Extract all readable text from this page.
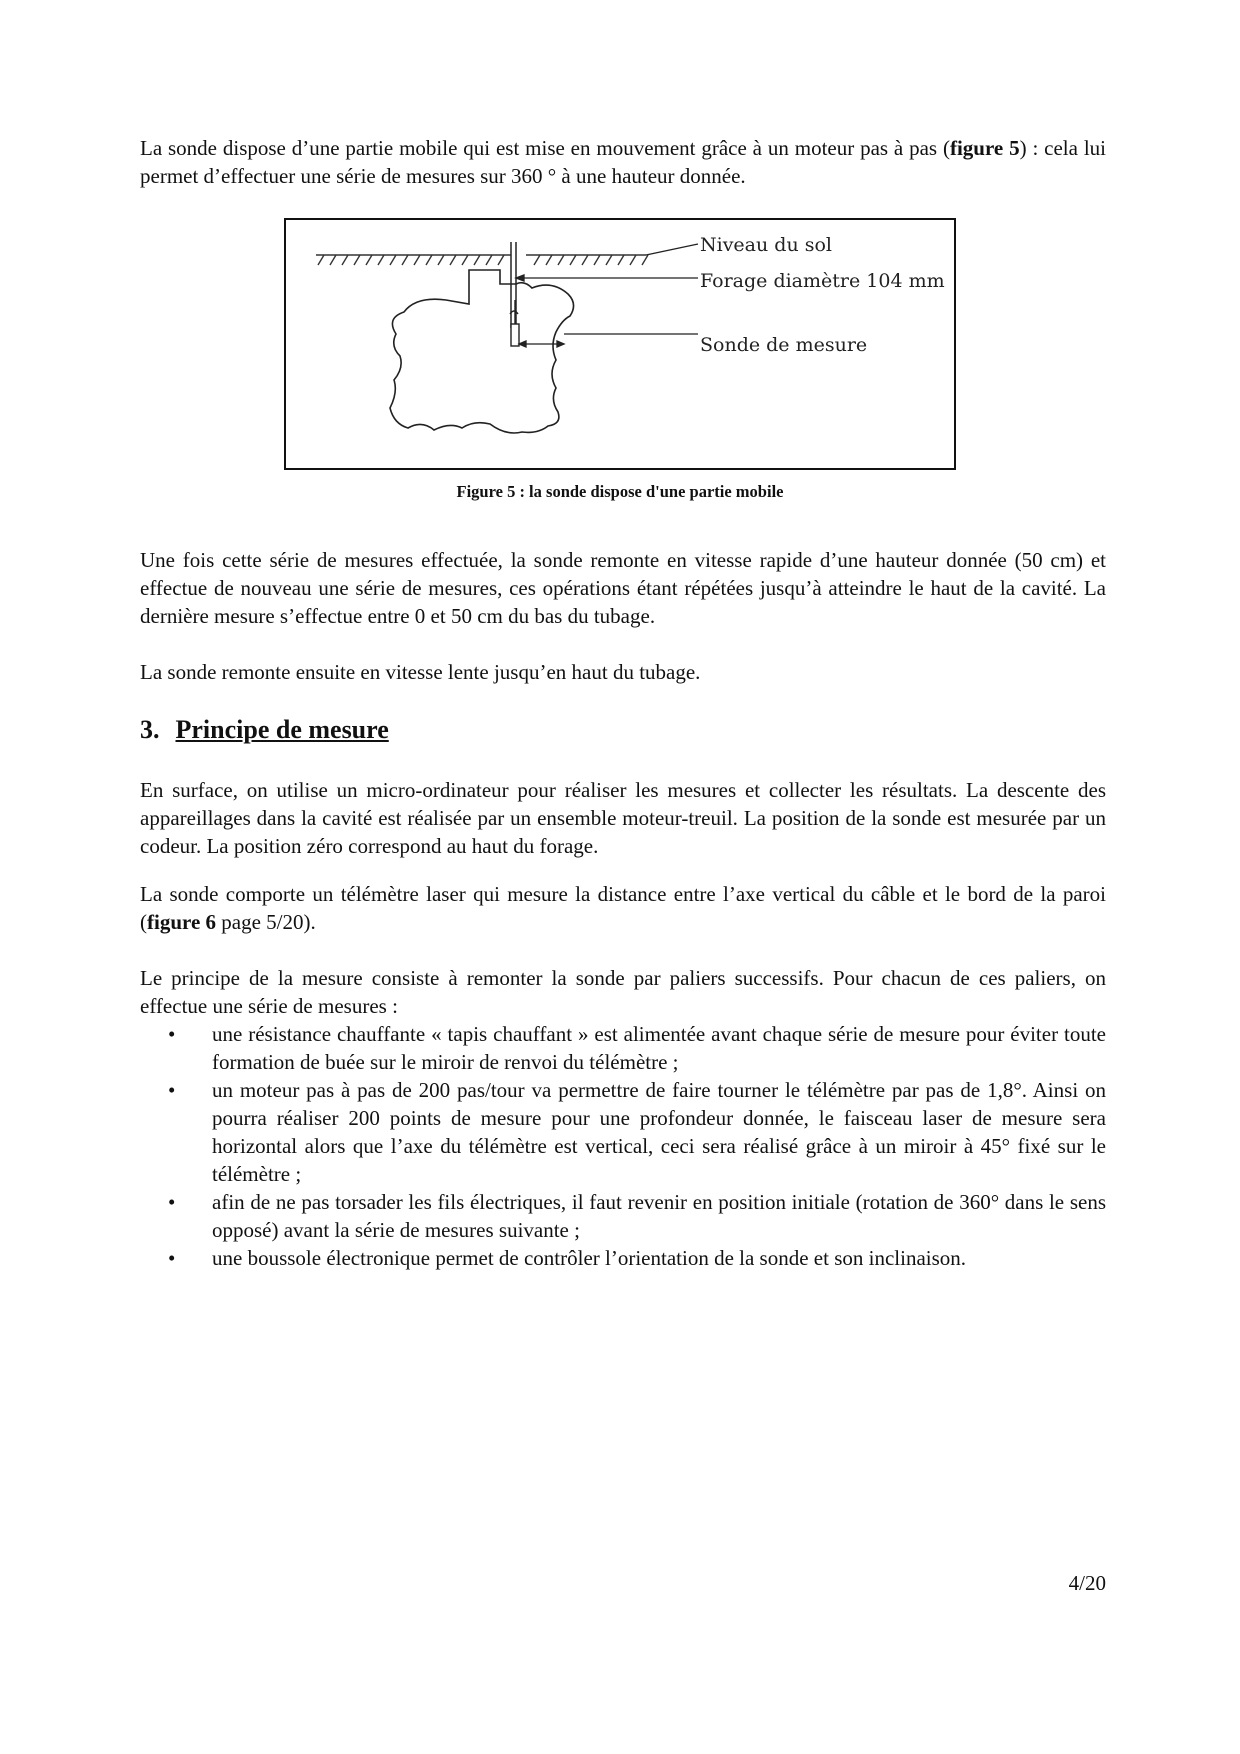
La sonde dispose d’une partie mobile qui est mise en mouvement grâce à un moteur pas à pas (figure 5) : cela lui permet d’effectuer une série de mesures sur 360 ° à une hauteur donnée.

Niveau du sol
Forage diamètre 104 mm
Sonde de mesure
Figure 5 : la sonde dispose d'une partie mobile

Une fois cette série de mesures effectuée, la sonde remonte en vitesse rapide d’une hauteur donnée (50 cm) et effectue de nouveau une série de mesures, ces opérations étant répétées jusqu’à atteindre le haut de la cavité. La dernière mesure s’effectue entre 0 et 50 cm du bas du tubage.

La sonde remonte ensuite en vitesse lente jusqu’en haut du tubage.

3. Principe de mesure

En surface, on utilise un micro-ordinateur pour réaliser les mesures et collecter les résultats. La descente des appareillages dans la cavité est réalisée par un ensemble moteur-treuil. La position de la sonde est mesurée par un codeur. La position zéro correspond au haut du forage.

La sonde comporte un télémètre laser qui mesure la distance entre l’axe vertical du câble et le bord de la paroi (figure 6 page 5/20).

Le principe de la mesure consiste à remonter la sonde par paliers successifs. Pour chacun de ces paliers, on effectue une série de mesures :

• une résistance chauffante « tapis chauffant » est alimentée avant chaque série de mesure pour éviter toute formation de buée sur le miroir de renvoi du télémètre ;
• un moteur pas à pas de 200 pas/tour va permettre de faire tourner le télémètre par pas de 1,8°. Ainsi on pourra réaliser 200 points de mesure pour une profondeur donnée, le faisceau laser de mesure sera horizontal alors que l’axe du télémètre est vertical, ceci sera réalisé grâce à un miroir à 45° fixé sur le télémètre ;
• afin de ne pas torsader les fils électriques, il faut revenir en position initiale (rotation de 360° dans le sens opposé) avant la série de mesures suivante ;
• une boussole électronique permet de contrôler l’orientation de la sonde et son inclinaison.
4/20
